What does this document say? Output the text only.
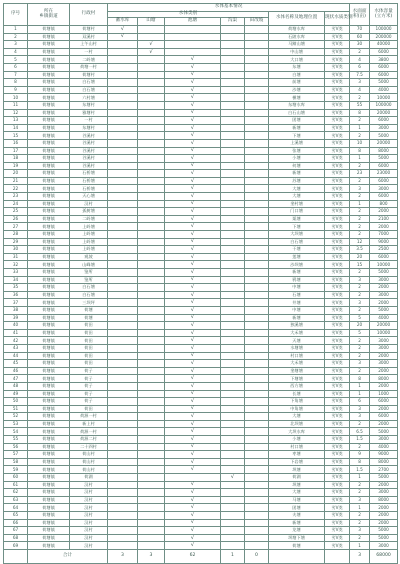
序号	所在
乡镇街道	行政村	水体基本情况							水面面
积(亩)	水体容量
(立方米)
			水体类别					水体名称及地理位置	现状水质类别		
			蓄水库	山塘	池塘	沟渠	田改坡				
1	荷塘镇	荷塘村	√					荷塘水库	劣Ⅴ类	70	100000
2	荷塘镇	双溪村	√					石陂水库	劣Ⅴ类	60	200000
3	荷塘镇	上午山村		√				马蹄山塘	劣Ⅴ类	30	40000
4	荷塘镇	一村		√				中山塘	劣Ⅴ类	2	6000
5	荷塘镇	二岭塘			√			大口塘	劣Ⅴ类	4	3800
6	荷塘镇	荷塘一村			√			东塘	劣Ⅴ类	6	6000
7	荷塘镇	荷塘村			√			白塘	劣Ⅴ类	7.5	6000
8	荷塘镇	白石塘			√			前塘	劣Ⅴ类	3	5000
9	荷塘镇	白石塘			√			沙塘	劣Ⅴ类	4	4000
10	荷塘镇	六村塘			√			横塘	劣Ⅴ类	2	10000
11	荷塘镇	东塘村			√			东塘水库	劣Ⅴ类	55	100000
12	荷塘镇	雅塘村			√			白石山塘	劣Ⅴ类	8	20000
13	荷塘镇	一村			√			团塘	劣Ⅴ类	2	6000
14	荷塘镇	东塘村			√			新塘	劣Ⅴ类	1	3000
15	荷塘镇	谷溪村			√			下塘	劣Ⅴ类	2	5000
16	荷塘镇	谷溪村			√			上溪塘	劣Ⅴ类	10	20000
17	荷塘镇	谷溪村			√			张塘	劣Ⅴ类	8	8000
18	荷塘镇	谷溪村			√			小塘	劣Ⅴ类	1	5000
19	荷塘镇	谷溪村			√			何塘	劣Ⅴ类	2	6000
20	荷塘镇	石桥塘			√			新塘	劣Ⅴ类	23	23000
21	荷塘镇	石桥塘			√			苏塘	劣Ⅴ类	2	6000
22	荷塘镇	石桥塘			√			大塘	劣Ⅴ类	3	3000
23	荷塘镇	天心塘			√			大塘	劣Ⅴ类	2	6000
24	荷塘镇	汉村			√			垄村塘	劣Ⅴ类	1	800
25	荷塘镇	孤树塘			√			门口塘	劣Ⅴ类	2	2000
26	荷塘镇	二岭塘			√			栗塘	劣Ⅴ类	2	2100
27	荷塘镇	上岭塘			√			下塘	劣Ⅴ类	2	2000
28	荷塘镇	上岭塘			√			大坝塘	劣Ⅴ类	2	7000
29	荷塘镇	上岭塘			√			白石塘	劣Ⅴ类	12	9000
30	荷塘镇	上岭塘			√			干塘	劣Ⅴ类	3.5	2500
31	荷塘镇	观坡			√			莲塘	劣Ⅴ类	20	6000
32	荷塘镇	山峰塘			√			沙坝塘	劣Ⅴ类	15	10000
33	荷塘镇	鉴所			√			新塘	劣Ⅴ类	2	5000
34	荷塘镇	鉴所			√			鸦塘	劣Ⅴ类	3	3000
35	荷塘镇	白石塘			√			中塘	劣Ⅴ类	2	2000
36	荷塘镇	白石塘			√			石塘	劣Ⅴ类	2	3000
37	荷塘镇	三坝坪			√			井塘	劣Ⅴ类	3	2000
38	荷塘镇	荷塘			√			中塘	劣Ⅴ类	2	5000
39	荷塘镇	荷塘			√			新塘	劣Ⅴ类	5	4000
40	荷塘镇	荷田			√			独溪塘	劣Ⅴ类	20	20000
41	荷塘镇	荷田			√			大禾塘	劣Ⅴ类	5	10000
42	荷塘镇	荷田			√			天塘	劣Ⅴ类	2	3000
43	荷塘镇	荷田			√			水塘塘	劣Ⅴ类	2	3000
44	荷塘镇	荷田			√			村口塘	劣Ⅴ类	2	2000
45	荷塘镇	荷田			√			大禾塘	劣Ⅴ类	3	3000
46	荷塘镇	荷子			√			垄塘塘	劣Ⅴ类	2	2000
47	荷塘镇	荷子			√			下塘塘	劣Ⅴ类	8	8000
48	荷塘镇	荷子			√			西方塘	劣Ⅴ类	1	2000
49	荷塘镇	荷子			√			长塘	劣Ⅴ类	1	1000
50	荷塘镇	荷子			√			下角塘	劣Ⅴ类	6	6000
51	荷塘镇	荷田			√			中角塘	劣Ⅴ类	3	2000
52	荷塘镇	荷源一村			√			大塘	劣Ⅴ类	3	6000
53	荷塘镇	新上村			√			北坝塘	劣Ⅴ类	2	2000
54	荷塘镇	荷源一村			√			大坝水库	劣Ⅴ类	6.5	5000
55	荷塘镇	荷源二村			√			小塘	劣Ⅴ类	1.5	3000
56	荷塘镇	二十四村			√			村口塘	劣Ⅴ类	2	4000
57	荷塘镇	荷山村			√			枣塘	劣Ⅴ类	9	9000
58	荷塘镇	荷山村			√			下岩塘	劣Ⅴ类	8	8000
59	荷塘镇	荷山村			√			坝塘	劣Ⅴ类	1.5	2700
60	荷塘镇	荷湖				√		荷湖	劣Ⅴ类	1	5000
61	荷塘镇	汉村			√			坝塘	劣Ⅴ类	2	2000
62	荷塘镇	汉村			√			大塘	劣Ⅴ类	2	3000
63	荷塘镇	汉村			√			马塘	劣Ⅴ类	3	8000
64	荷塘镇	汉村			√			团塘	劣Ⅴ类	1	2000
65	荷塘镇	汉村			√			夫塘	劣Ⅴ类	2	2000
66	荷塘镇	汉村			√			新塘	劣Ⅴ类	2	2000
67	荷塘镇	汉村			√			龙塘	劣Ⅴ类	3	5000
68	荷塘镇	汉村			√			坝塘下塘	劣Ⅴ类	2	5000
69	荷塘镇	汉村			√			荷塘	劣Ⅴ类	1	3000
	合计		3	3	62	1	0			3	68000
